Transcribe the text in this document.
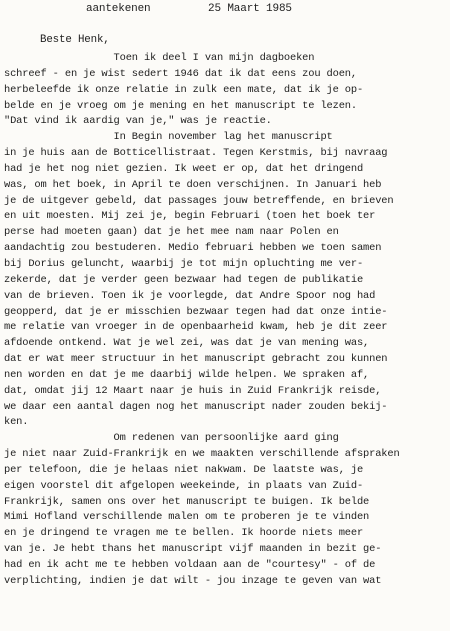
aantekenen	25 Maart 1985
Beste Henk,
Toen ik deel I van mijn dagboeken
schreef - en je wist sedert 1946 dat ik dat eens zou doen,
herbeleefde ik onze relatie in zulk een mate, dat ik je op-
belde en je vroeg om je mening en het manuscript te lezen.
"Dat vind ik aardig van je," was je reactie.
In Begin november lag het manuscript
in je huis aan de Botticellistraat. Tegen Kerstmis, bij navraag
had je het nog niet gezien. Ik weet er op, dat het dringend
was, om het boek, in April te doen verschijnen. In Januari heb
je de uitgever gebeld, dat passages jouw betreffende, en brieven
en uit moesten. Mij zei je, begin Februari (toen het boek ter
perse had moeten gaan) dat je het mee nam naar Polen en
aandachtig zou bestuderen. Medio februari hebben we toen samen
bij Dorius geluncht, waarbij je tot mijn opluchting me ver-
zekerde, dat je verder geen bezwaar had tegen de publikatie
van de brieven. Toen ik je voorlegde, dat Andre Spoor nog had
geopperd, dat je er misschien bezwaar tegen had dat onze intie-
me relatie van vroeger in de openbaarheid kwam, heb je dit zeer
afdoende ontkend. Wat je wel zei, was dat je van mening was,
dat er wat meer structuur in het manuscript gebracht zou kunnen
nen worden en dat je me daarbij wilde helpen. We spraken af,
dat, omdat jij 12 Maart naar je huis in Zuid Frankrijk reisde,
we daar een aantal dagen nog het manuscript nader zouden bekij-
ken.
Om redenen van persoonlijke aard ging
je niet naar Zuid-Frankrijk en we maakten verschillende afspraken
per telefoon, die je helaas niet nakwam. De laatste was, je
eigen voorstel dit afgelopen weekeinde, in plaats van Zuid-
Frankrijk, samen ons over het manuscript te buigen. Ik belde
Mimi Hofland verschillende malen om te proberen je te vinden
en je dringend te vragen me te bellen. Ik hoorde niets meer
van je. Je hebt thans het manuscript vijf maanden in bezit ge-
had en ik acht me te hebben voldaan aan de "courtesy" - of de
verplichting, indien je dat wilt - jou inzage te geven van wat
